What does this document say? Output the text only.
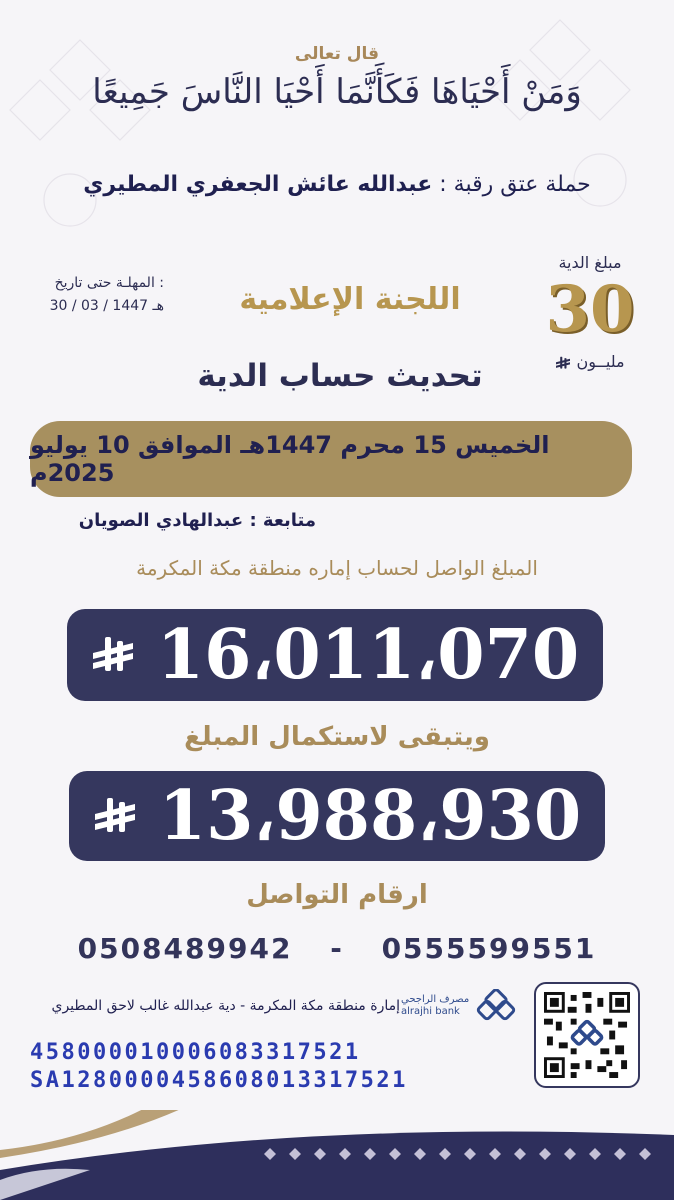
قال تعالى
وَمَنْ أَحْيَاهَا فَكَأَنَّمَا أَحْيَا النَّاسَ جَمِيعًا
حملة عتق رقبة : عبدالله عائش الجعفري المطيري
مبلغ الدية
30
مليــون
المهلـة حتى تاريخ :
30 / 03 / 1447 هـ	اللجنة الإعلامية
تحديث حساب الدية
الخميس 15 محرم 1447هـ الموافق 10 يوليو 2025م
متابعة : عبدالهادي الصويان
المبلغ الواصل لحساب إماره منطقة مكة المكرمة
16،011،070
ويتبقى لاستكمال المبلغ
13،988،930
ارقام التواصل
0508489942 - 0555599551
مصرف الراجحي
alrajhi bank
إمارة منطقة مكة المكرمة - دية عبدالله غالب لاحق المطيري
458000010006083317521
SA1280000458608013317521
